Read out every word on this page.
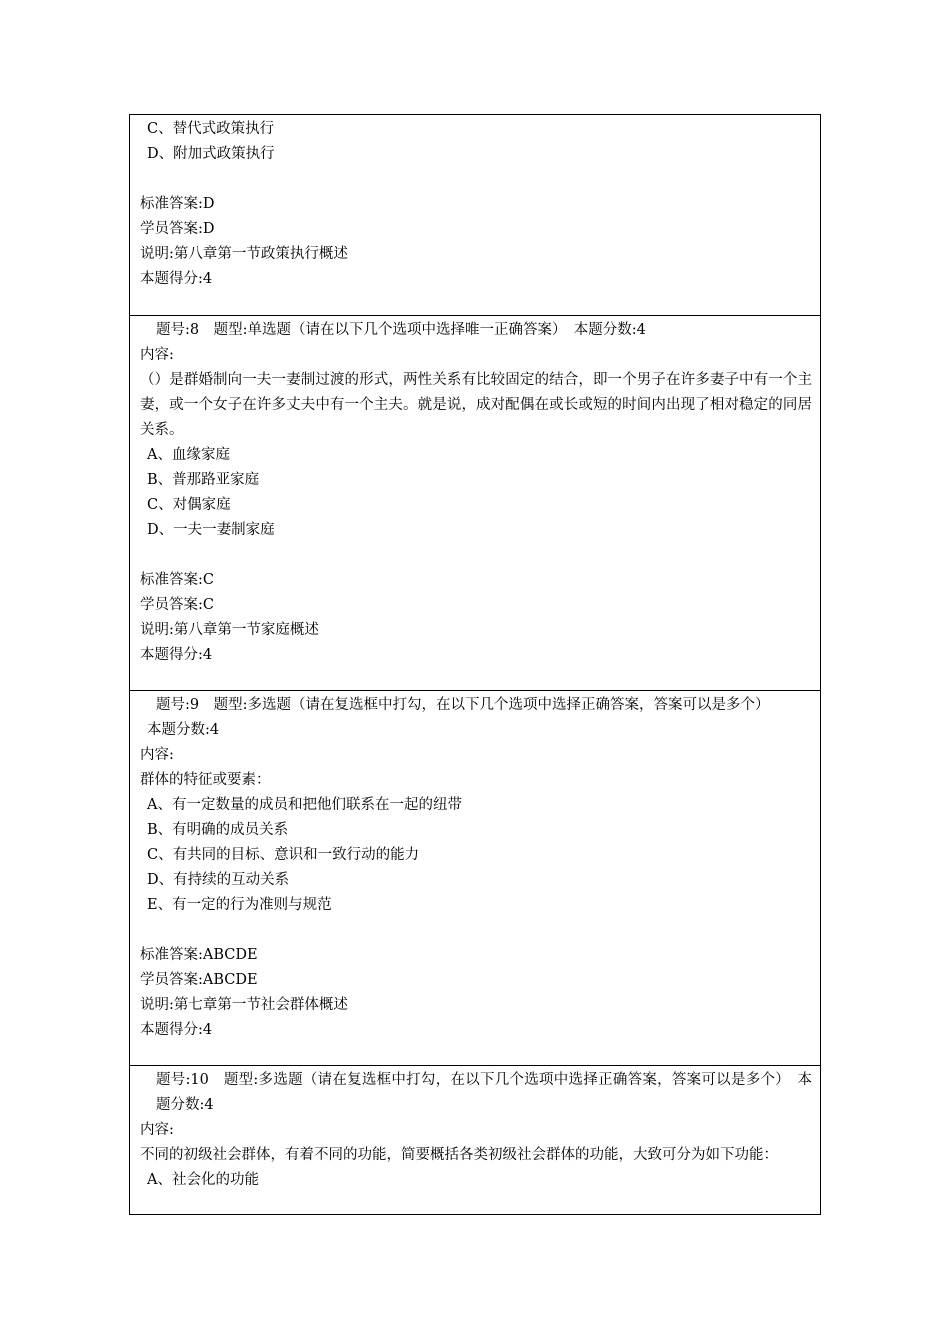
C、替代式政策执行
D、附加式政策执行
标准答案:D
学员答案:D
说明:第八章第一节政策执行概述
本题得分:4
题号:8　题型:单选题（请在以下几个选项中选择唯一正确答案）　本题分数:4
内容:
（）是群婚制向一夫一妻制过渡的形式，两性关系有比较固定的结合，即一个男子在许多妻子中有一个主妻，或一个女子在许多丈夫中有一个主夫。就是说，成对配偶在或长或短的时间内出现了相对稳定的同居关系。
A、血缘家庭
B、普那路亚家庭
C、对偶家庭
D、一夫一妻制家庭
标准答案:C
学员答案:C
说明:第八章第一节家庭概述
本题得分:4
题号:9　题型:多选题（请在复选框中打勾，在以下几个选项中选择正确答案，答案可以是多个）
本题分数:4
内容:
群体的特征或要素：
A、有一定数量的成员和把他们联系在一起的纽带
B、有明确的成员关系
C、有共同的目标、意识和一致行动的能力
D、有持续的互动关系
E、有一定的行为准则与规范
标准答案:ABCDE
学员答案:ABCDE
说明:第七章第一节社会群体概述
本题得分:4
题号:10　题型:多选题（请在复选框中打勾，在以下几个选项中选择正确答案，答案可以是多个）　本题分数:4
内容:
不同的初级社会群体，有着不同的功能，简要概括各类初级社会群体的功能，大致可分为如下功能：
A、社会化的功能
